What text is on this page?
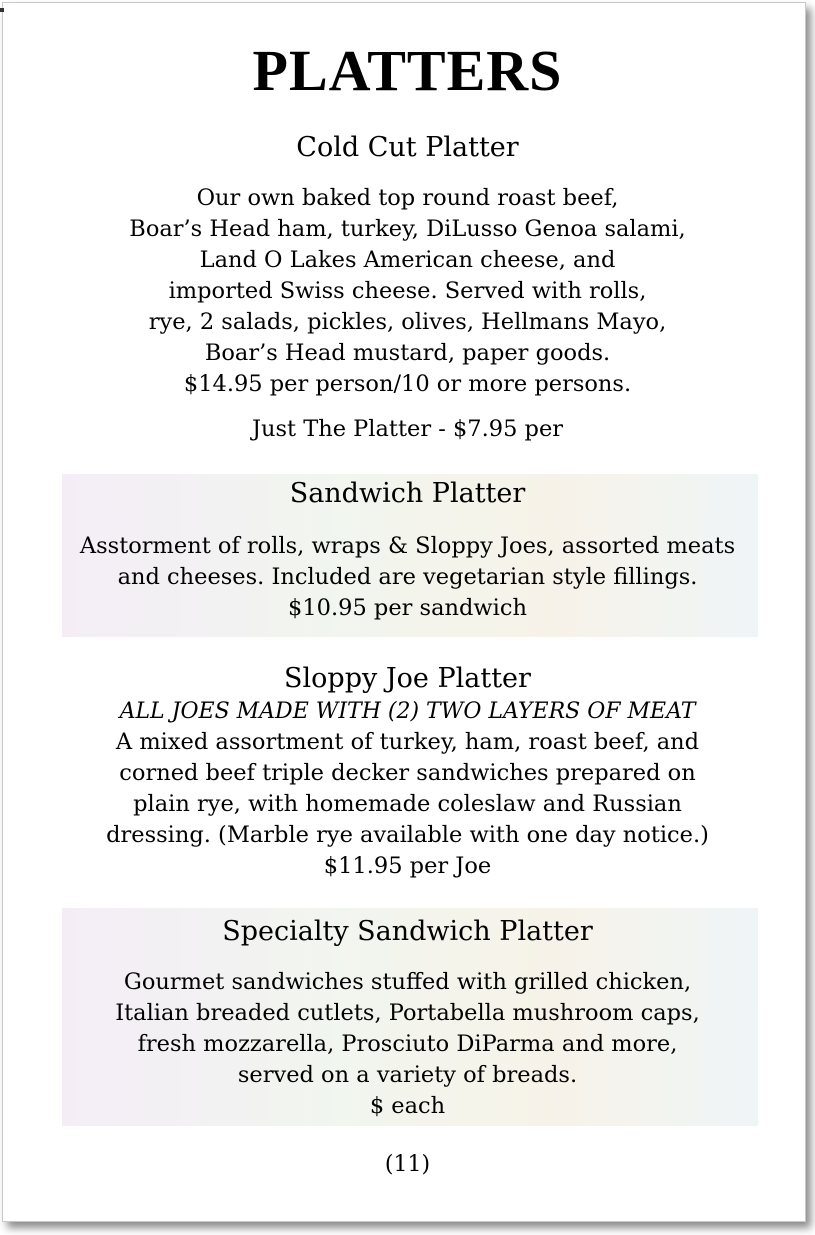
PLATTERS
Cold Cut Platter
Our own baked top round roast beef,
Boar’s Head ham, turkey, DiLusso Genoa salami,
Land O Lakes American cheese, and
imported Swiss cheese. Served with rolls,
rye, 2 salads, pickles, olives, Hellmans Mayo,
Boar’s Head mustard, paper goods.
$14.95 per person/10 or more persons.
Just The Platter - $7.95 per
Sandwich Platter
Asstorment of rolls, wraps & Sloppy Joes, assorted meats
and cheeses. Included are vegetarian style fillings.
$10.95 per sandwich
Sloppy Joe Platter
ALL JOES MADE WITH (2) TWO LAYERS OF MEAT
A mixed assortment of turkey, ham, roast beef, and
corned beef triple decker sandwiches prepared on
plain rye, with homemade coleslaw and Russian
dressing. (Marble rye available with one day notice.)
$11.95 per Joe
Specialty Sandwich Platter
Gourmet sandwiches stuffed with grilled chicken,
Italian breaded cutlets, Portabella mushroom caps,
fresh mozzarella, Prosciuto DiParma and more,
served on a variety of breads.
$ each
(11)
